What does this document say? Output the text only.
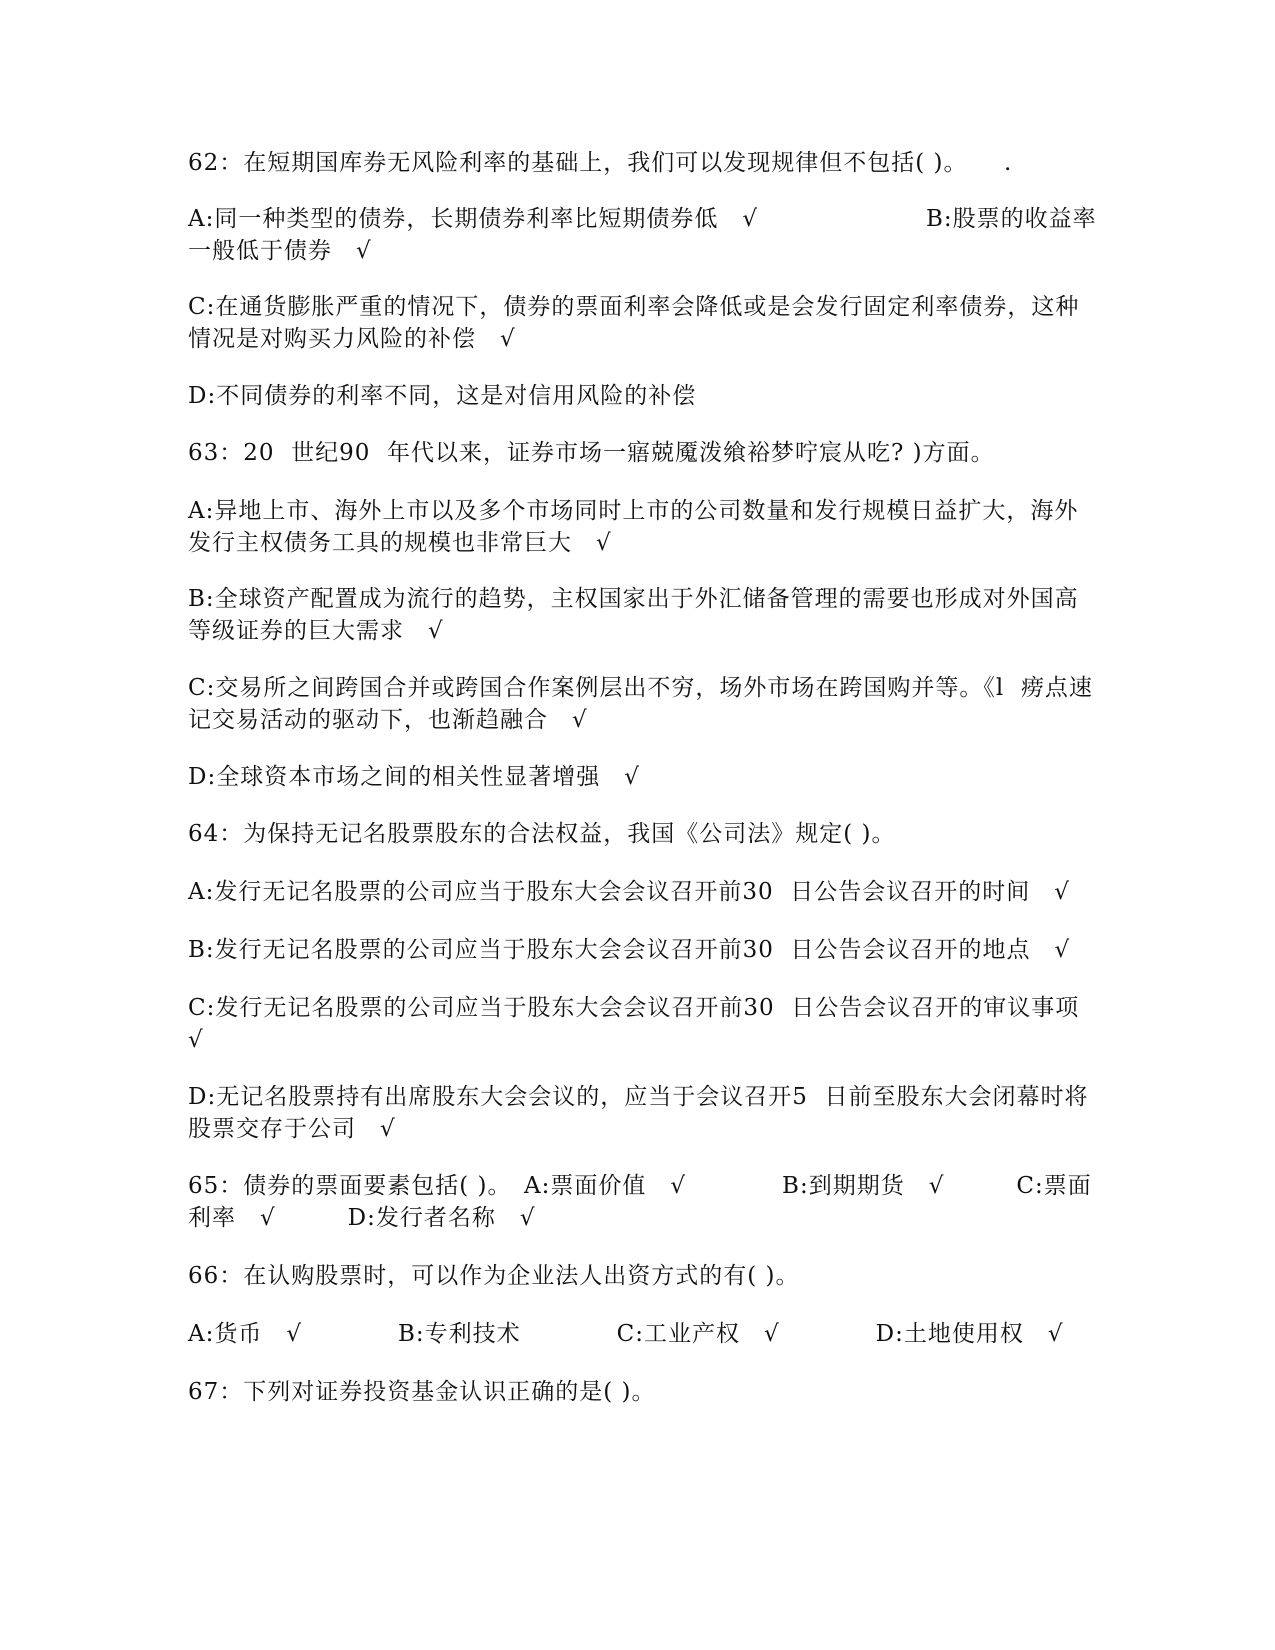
62：在短期国库券无风险利率的基础上，我们可以发现规律但不包括( )。　　.

A:同一种类型的债券，长期债券利率比短期债券低　√　　　　　　　B:股票的收益率一般低于债券　√

C:在通货膨胀严重的情况下，债券的票面利率会降低或是会发行固定利率债券，这种情况是对购买力风险的补偿　√

D:不同债券的利率不同，这是对信用风险的补偿

63：20  世纪90  年代以来，证券市场一寤兢魇泼飨裕梦咛宸从吃? )方面。

A:异地上市、海外上市以及多个市场同时上市的公司数量和发行规模日益扩大，海外发行主权债务工具的规模也非常巨大　√

B:全球资产配置成为流行的趋势，主权国家出于外汇储备管理的需要也形成对外国高等级证券的巨大需求　√

C:交易所之间跨国合并或跨国合作案例层出不穷，场外市场在跨国购并等。《l  痨点速记交易活动的驱动下，也渐趋融合　√

D:全球资本市场之间的相关性显著增强　√

64：为保持无记名股票股东的合法权益，我国《公司法》规定( )。

A:发行无记名股票的公司应当于股东大会会议召开前30  日公告会议召开的时间　√

B:发行无记名股票的公司应当于股东大会会议召开前30  日公告会议召开的地点　√

C:发行无记名股票的公司应当于股东大会会议召开前30  日公告会议召开的审议事项　√

D:无记名股票持有出席股东大会会议的，应当于会议召开5  日前至股东大会闭幕时将股票交存于公司　√

65：债券的票面要素包括( )。　A:票面价值　√　　　　B:到期期货　√　　　C:票面利率　√　　　D:发行者名称　√

66：在认购股票时，可以作为企业法人出资方式的有( )。

A:货币　√　　　　B:专利技术　　　　C:工业产权　√　　　　D:土地使用权　√

67：下列对证券投资基金认识正确的是( )。
